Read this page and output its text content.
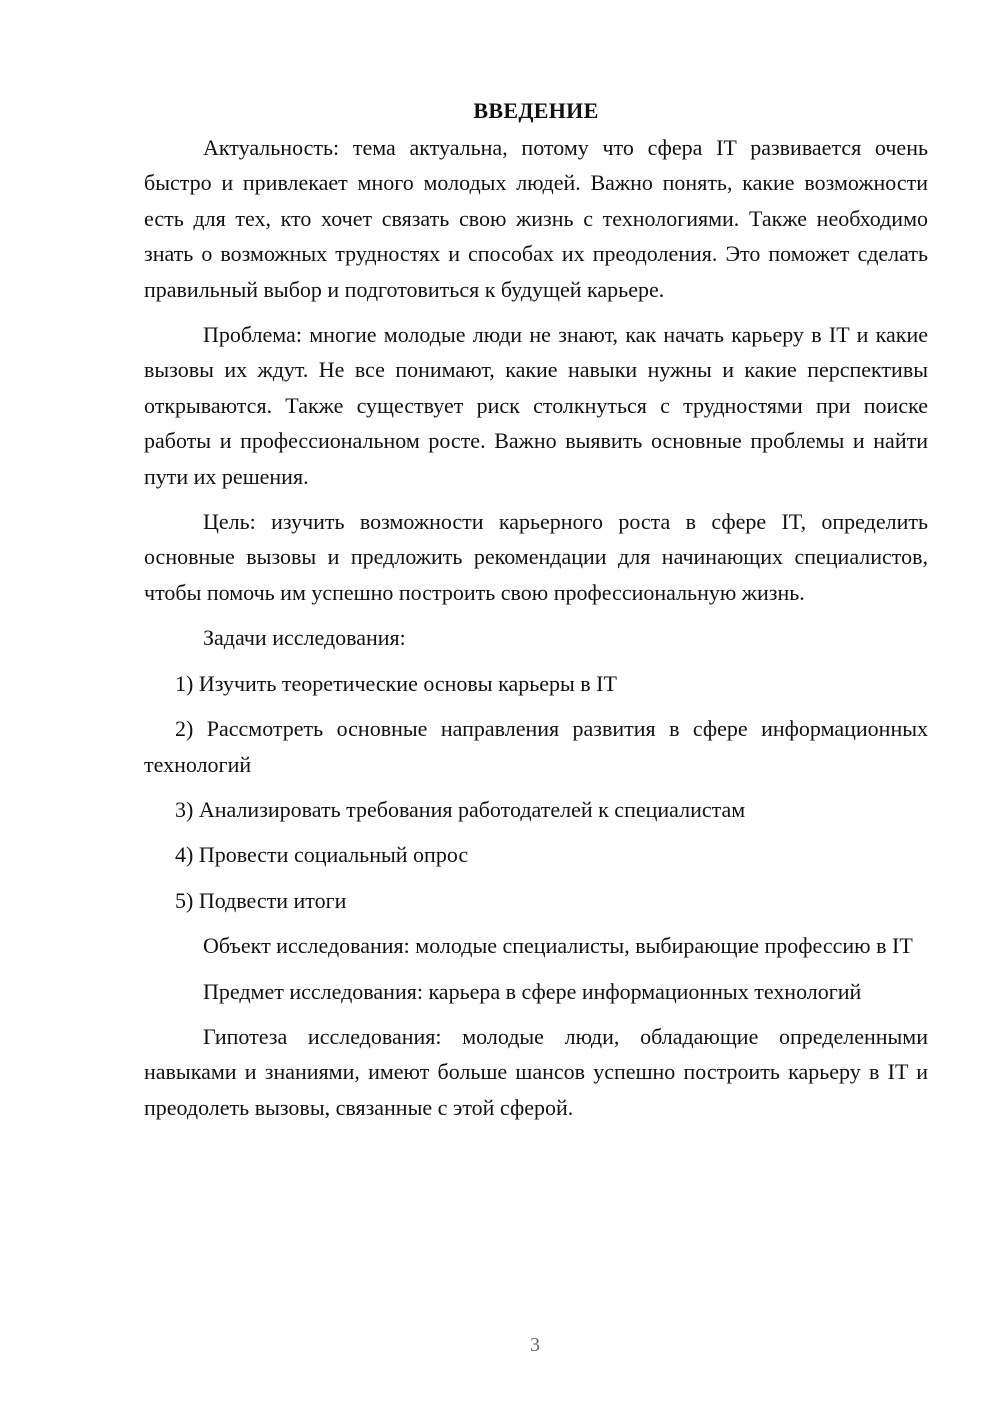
ВВЕДЕНИЕ

Актуальность: тема актуальна, потому что сфера IT развивается очень быстро и привлекает много молодых людей. Важно понять, какие возможности есть для тех, кто хочет связать свою жизнь с технологиями. Также необходимо знать о возможных трудностях и способах их преодоления. Это поможет сделать правильный выбор и подготовиться к будущей карьере.

Проблема: многие молодые люди не знают, как начать карьеру в IT и какие вызовы их ждут. Не все понимают, какие навыки нужны и какие перспективы открываются. Также существует риск столкнуться с трудностями при поиске работы и профессиональном росте. Важно выявить основные проблемы и найти пути их решения.

Цель: изучить возможности карьерного роста в сфере IT, определить основные вызовы и предложить рекомендации для начинающих специалистов, чтобы помочь им успешно построить свою профессиональную жизнь.

Задачи исследования:

1) Изучить теоретические основы карьеры в IT

2) Рассмотреть основные направления развития в сфере информационных технологий

3) Анализировать требования работодателей к специалистам

4) Провести социальный опрос

5) Подвести итоги

Объект исследования: молодые специалисты, выбирающие профессию в IT

Предмет исследования: карьера в сфере информационных технологий

Гипотеза исследования: молодые люди, обладающие определенными навыками и знаниями, имеют больше шансов успешно построить карьеру в IT и преодолеть вызовы, связанные с этой сферой.

3
